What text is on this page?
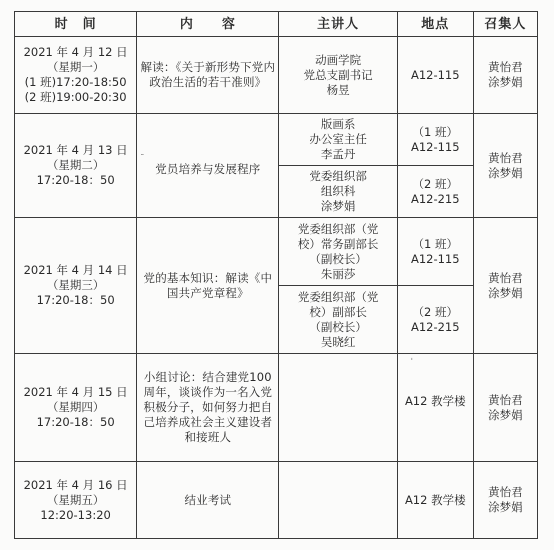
时　间	内　　容	主讲人	地点	召集人

2021 年 4 月 12 日
（星期一）
(1 班)17:20-18:50
(2 班)19:00-20:30	解读：《关于新形势下党内政治生活的若干准则》	动画学院
党总支副书记
杨昱	A12-115	黄怡君
涂梦娟

2021 年 4 月 13 日
（星期二）
17:20-18：50	˜
党员培养与发展程序	版画系
办公室主任
李孟丹	（1 班）
A12-115	黄怡君
涂梦娟

		党委组织部
组织科
涂梦娟	（2 班）
A12-215	

2021 年 4 月 14 日
（星期三）
17:20-18：50	党的基本知识：解读《中国共产党章程》	党委组织部（党
校）常务副部长
（副校长）
朱丽莎	（1 班）
A12-115	黄怡君
涂梦娟

		党委组织部（党
校）副部长
（副校长）
吴晓红	（2 班）
A12-215	

2021 年 4 月 15 日
（星期四）
17:20-18：50	小组讨论：结合建党100 周年，谈谈作为一名入党积极分子，如何努力把自己培养成社会主义建设者和接班人		ˈ
A12 教学楼	黄怡君
涂梦娟

2021 年 4 月 16 日
（星期五）
12:20-13:20	结业考试		A12 教学楼	黄怡君
涂梦娟
